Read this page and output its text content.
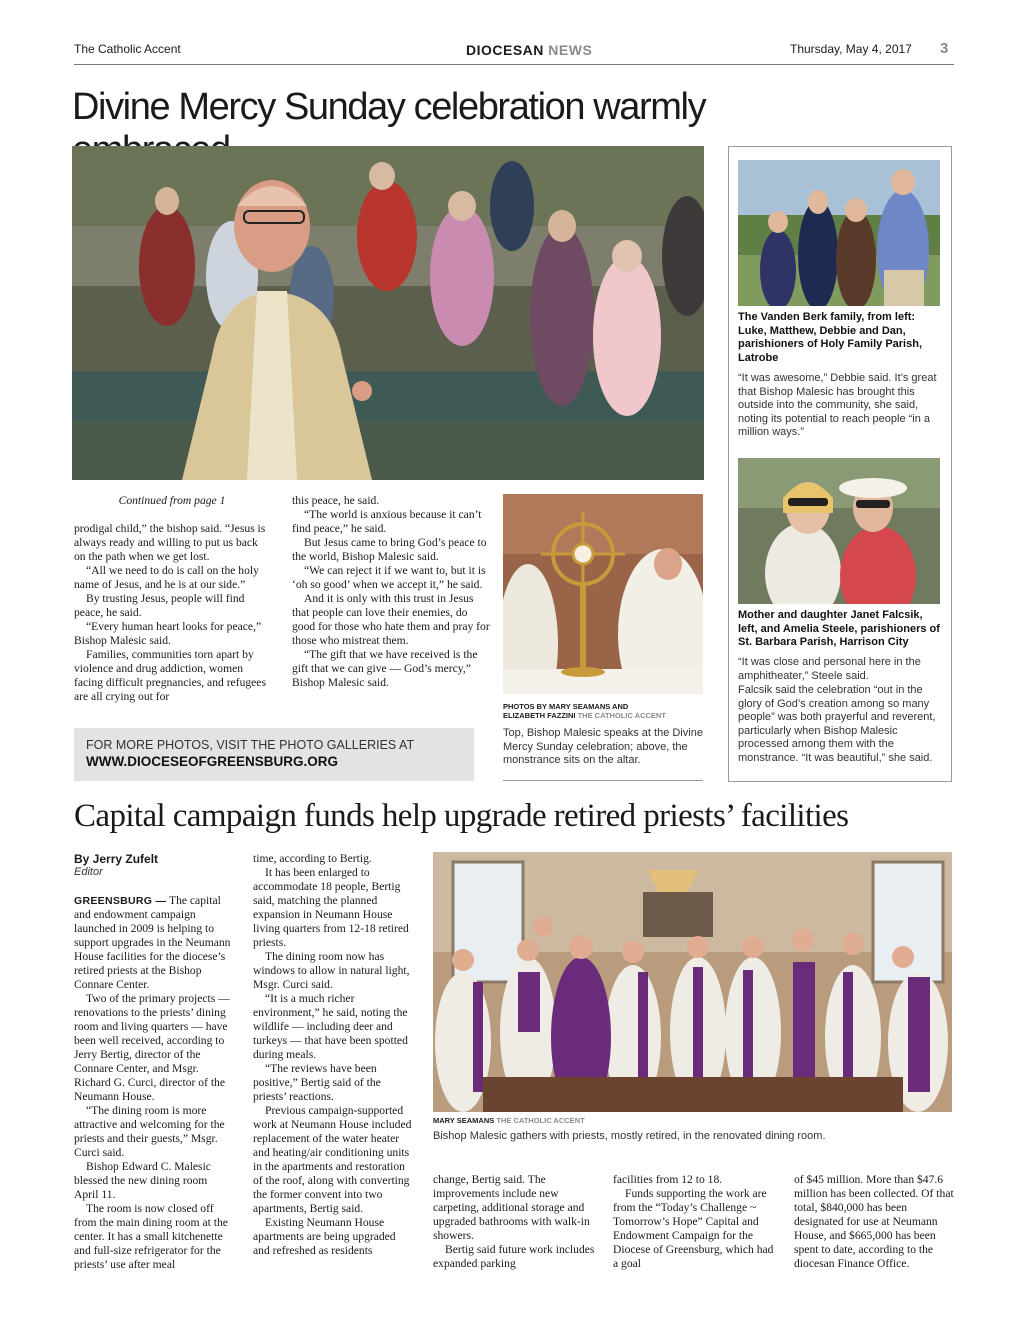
The Catholic Accent	DIOCESAN NEWS	Thursday, May 4, 2017 3
Divine Mercy Sunday celebration warmly

Continued from page 1

prodigal child,” the bishop said. “Jesus is always ready and willing to put us back on the path when we get lost.

“All we need to do is call on the holy name of Jesus, and he is at our side.”

By trusting Jesus, people will find peace, he said.

“Every human heart looks for peace,” Bishop Malesic said.

Families, communities torn apart by violence and drug addiction, women facing difficult pregnancies, and refugees are all crying out for

this peace, he said.

“The world is anxious because it can’t find peace,” he said.

But Jesus came to bring God’s peace to the world, Bishop Malesic said.

“We can reject it if we want to, but it is ‘oh so good’ when we accept it,” he said.

And it is only with this trust in Jesus that people can love their enemies, do good for those who hate them and pray for those who mistreat them.

“The gift that we have received is the gift that we can give — God’s mercy,” Bishop Malesic said.

FOR MORE PHOTOS, VISIT THE PHOTO GALLERIES AT
WWW.DIOCESEOFGREENSBURG.ORG
PHOTOS BY MARY SEAMANS AND
ELIZABETH FAZZINI THE CATHOLIC ACCENT
Top, Bishop Malesic speaks at the Divine Mercy Sunday celebration; above, the monstrance sits on the altar.
The Vanden Berk family, from left: Luke, Matthew, Debbie and Dan, parishioners of Holy Family Parish, Latrobe
“It was awesome,” Debbie said. It’s great that Bishop Malesic has brought this outside into the community, she said, noting its potential to reach people “in a million ways.”
Mother and daughter Janet Falcsik, left, and Amelia Steele, parishioners of St. Barbara Parish, Harrison City
“It was close and personal here in the amphitheater,” Steele said.
Falcsik said the celebration “out in the glory of God’s creation among so many people” was both prayerful and reverent, particularly when Bishop Malesic processed among them with the monstrance. “It was beautiful,” she said.
Capital campaign funds help upgrade retired priests’ facilities
By Jerry Zufelt
Editor

GREENSBURG — The capital and endowment campaign launched in 2009 is helping to support upgrades in the Neumann House facilities for the diocese’s retired priests at the Bishop Connare Center.

Two of the primary projects — renovations to the priests’ dining room and living quarters — have been well received, according to Jerry Bertig, director of the Connare Center, and Msgr. Richard G. Curci, director of the Neumann House.

“The dining room is more attractive and welcoming for the priests and their guests,” Msgr. Curci said.

Bishop Edward C. Malesic blessed the new dining room April 11.

The room is now closed off from the main dining room at the center. It has a small kitchenette and full-size refrigerator for the priests’ use after meal

time, according to Bertig.

It has been enlarged to accommodate 18 people, Bertig said, matching the planned expansion in Neumann House living quarters from 12-18 retired priests.

The dining room now has windows to allow in natural light, Msgr. Curci said.

“It is a much richer environment,” he said, noting the wildlife — including deer and turkeys — that have been spotted during meals.

“The reviews have been positive,” Bertig said of the priests’ reactions.

Previous campaign-supported work at Neumann House included replacement of the water heater and heating/air conditioning units in the apartments and restoration of the roof, along with converting the former convent into two apartments, Bertig said.

Existing Neumann House apartments are being upgraded and refreshed as residents

MARY SEAMANS THE CATHOLIC ACCENT
Bishop Malesic gathers with priests, mostly retired, in the renovated dining room.

change, Bertig said. The improvements include new carpeting, additional storage and upgraded bathrooms with walk-in showers.

Bertig said future work includes expanded parking

facilities from 12 to 18.

Funds supporting the work are from the “Today’s Challenge ~ Tomorrow’s Hope” Capital and Endowment Campaign for the Diocese of Greensburg, which had a goal

of $45 million. More than $47.6 million has been collected. Of that total, $840,000 has been designated for use at Neumann House, and $665,000 has been spent to date, according to the diocesan Finance Office.
